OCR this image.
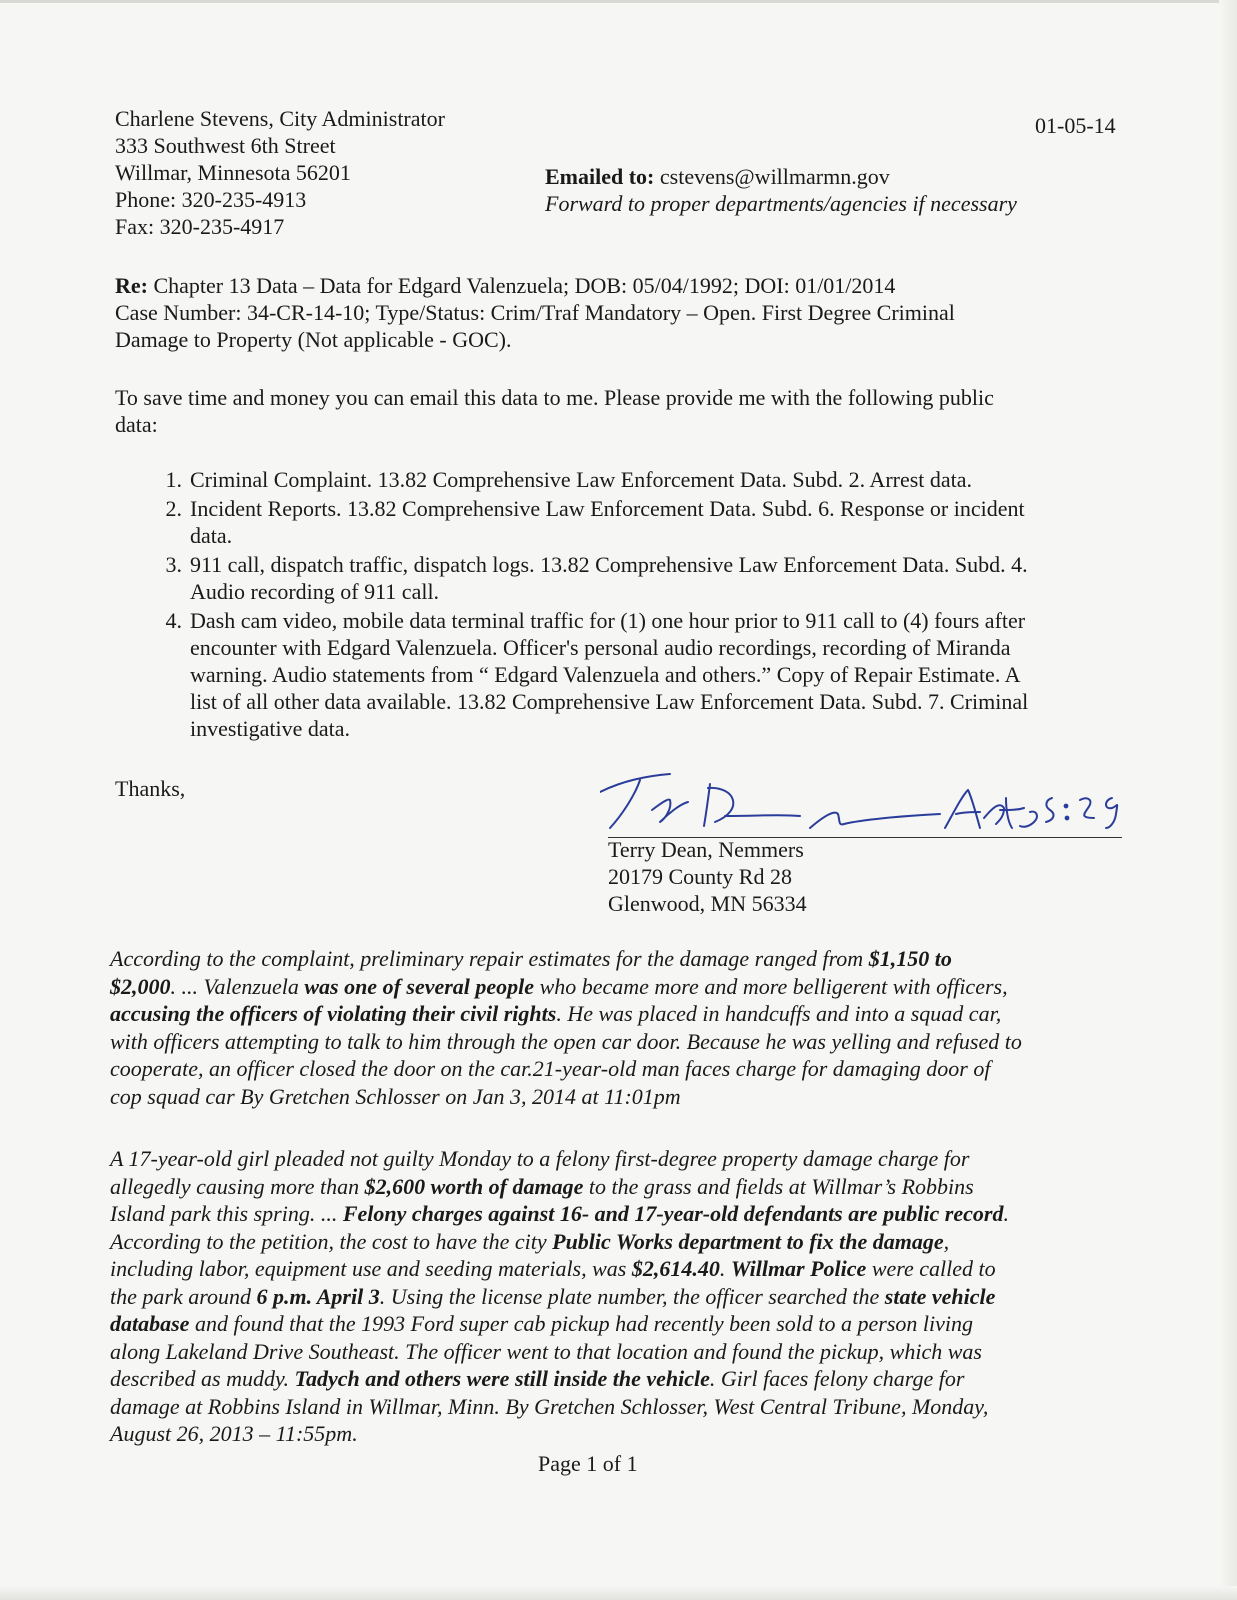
Charlene Stevens, City Administrator
333 Southwest 6th Street
Willmar, Minnesota 56201
Phone: 320-235-4913
Fax: 320-235-4917
01-05-14
Emailed to: cstevens@willmarmn.gov
Forward to proper departments/agencies if necessary
Re: Chapter 13 Data – Data for Edgard Valenzuela; DOB: 05/04/1992; DOI: 01/01/2014
Case Number: 34-CR-14-10; Type/Status: Crim/Traf Mandatory – Open. First Degree Criminal
Damage to Property (Not applicable - GOC).
To save time and money you can email this data to me. Please provide me with the following public
data:
1. Criminal Complaint. 13.82 Comprehensive Law Enforcement Data. Subd. 2. Arrest data.
2. Incident Reports. 13.82 Comprehensive Law Enforcement Data. Subd. 6. Response or incident
data.
3. 911 call, dispatch traffic, dispatch logs. 13.82 Comprehensive Law Enforcement Data. Subd. 4.
Audio recording of 911 call.
4. Dash cam video, mobile data terminal traffic for (1) one hour prior to 911 call to (4) fours after
encounter with Edgard Valenzuela. Officer's personal audio recordings, recording of Miranda
warning. Audio statements from “ Edgard Valenzuela and others.” Copy of Repair Estimate. A
list of all other data available. 13.82 Comprehensive Law Enforcement Data. Subd. 7. Criminal
investigative data.
Thanks,
Terry Dean, Nemmers
20179 County Rd 28
Glenwood, MN 56334
According to the complaint, preliminary repair estimates for the damage ranged from $1,150 to
$2,000. ... Valenzuela was one of several people who became more and more belligerent with officers,
accusing the officers of violating their civil rights. He was placed in handcuffs and into a squad car,
with officers attempting to talk to him through the open car door. Because he was yelling and refused to
cooperate, an officer closed the door on the car.21-year-old man faces charge for damaging door of
cop squad car By Gretchen Schlosser on Jan 3, 2014 at 11:01pm
A 17-year-old girl pleaded not guilty Monday to a felony first-degree property damage charge for
allegedly causing more than $2,600 worth of damage to the grass and fields at Willmar’s Robbins
Island park this spring. ... Felony charges against 16- and 17-year-old defendants are public record.
According to the petition, the cost to have the city Public Works department to fix the damage,
including labor, equipment use and seeding materials, was $2,614.40. Willmar Police were called to
the park around 6 p.m. April 3. Using the license plate number, the officer searched the state vehicle
database and found that the 1993 Ford super cab pickup had recently been sold to a person living
along Lakeland Drive Southeast. The officer went to that location and found the pickup, which was
described as muddy. Tadych and others were still inside the vehicle. Girl faces felony charge for
damage at Robbins Island in Willmar, Minn. By Gretchen Schlosser, West Central Tribune, Monday,
August 26, 2013 – 11:55pm.
Page 1 of 1
